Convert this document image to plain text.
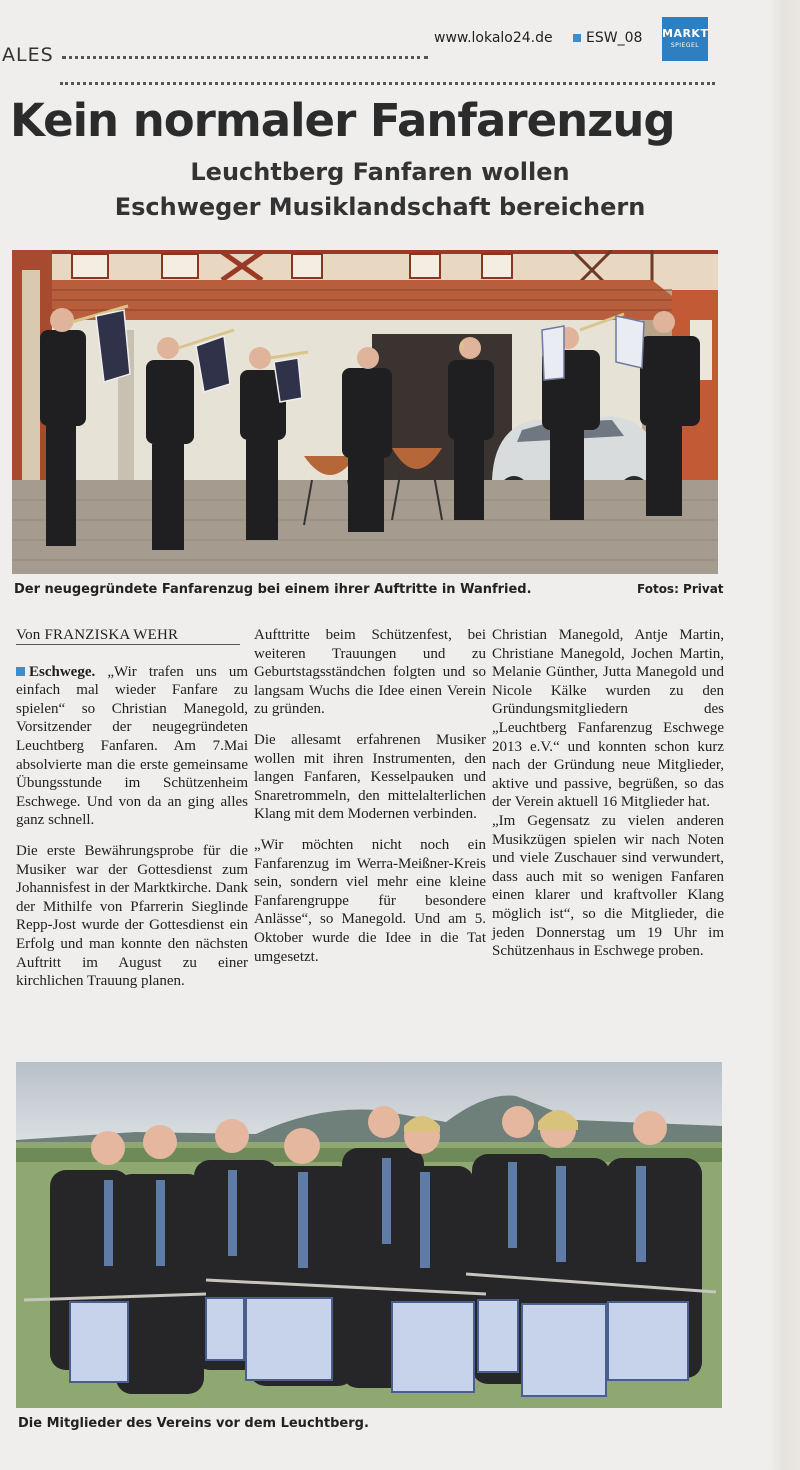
ALES
www.lokalo24.de ESW_08 MARKT
SPIEGEL
Kein normaler Fanfarenzug
Leuchtberg Fanfaren wollen
Eschweger Musiklandschaft bereichern
Der neugegründete Fanfarenzug bei einem ihrer Auftritte in Wanfried.	Fotos: Privat

Von FRANZISKA WEHR

Eschwege. „Wir trafen uns um einfach mal wieder Fanfare zu spielen“ so Christian Manegold, Vorsitzender der neugegründeten Leuchtberg Fanfaren. Am 7.Mai absolvierte man die erste gemeinsame Übungsstunde im Schützenheim Eschwege. Und von da an ging alles ganz schnell.

Die erste Bewährungsprobe für die Musiker war der Gottesdienst zum Johannisfest in der Marktkirche. Dank der Mithilfe von Pfarrerin Sieglinde Repp-Jost wurde der Gottesdienst ein Erfolg und man konnte den nächsten Auftritt im August zu einer kirchlichen Trauung planen.

Aufttritte beim Schützenfest, bei weiteren Trauungen und zu Geburtstagsständchen folgten und so langsam Wuchs die Idee einen Verein zu gründen.

Die allesamt erfahrenen Musiker wollen mit ihren Instrumenten, den langen Fanfaren, Kesselpauken und Snaretrommeln, den mittelalterlichen Klang mit dem Modernen verbinden.

„Wir möchten nicht noch ein Fanfarenzug im Werra-Meißner-Kreis sein, sondern viel mehr eine kleine Fanfarengruppe für besondere Anlässe“, so Manegold. Und am 5. Oktober wurde die Idee in die Tat umgesetzt.

Christian Manegold, Antje Martin, Christiane Manegold, Jochen Martin, Melanie Günther, Jutta Manegold und Nicole Kälke wurden zu den Gründungsmitgliedern des „Leuchtberg Fanfarenzug Eschwege 2013 e.V.“ und konnten schon kurz nach der Gründung neue Mitglieder, aktive und passive, begrüßen, so das der Verein aktuell 16 Mitglieder hat.

„Im Gegensatz zu vielen anderen Musikzügen spielen wir nach Noten und viele Zuschauer sind verwundert, dass auch mit so wenigen Fanfaren einen klarer und kraftvoller Klang möglich ist“, so die Mitglieder, die jeden Donnerstag um 19 Uhr im Schützenhaus in Eschwege proben.

Die Mitglieder des Vereins vor dem Leuchtberg.
